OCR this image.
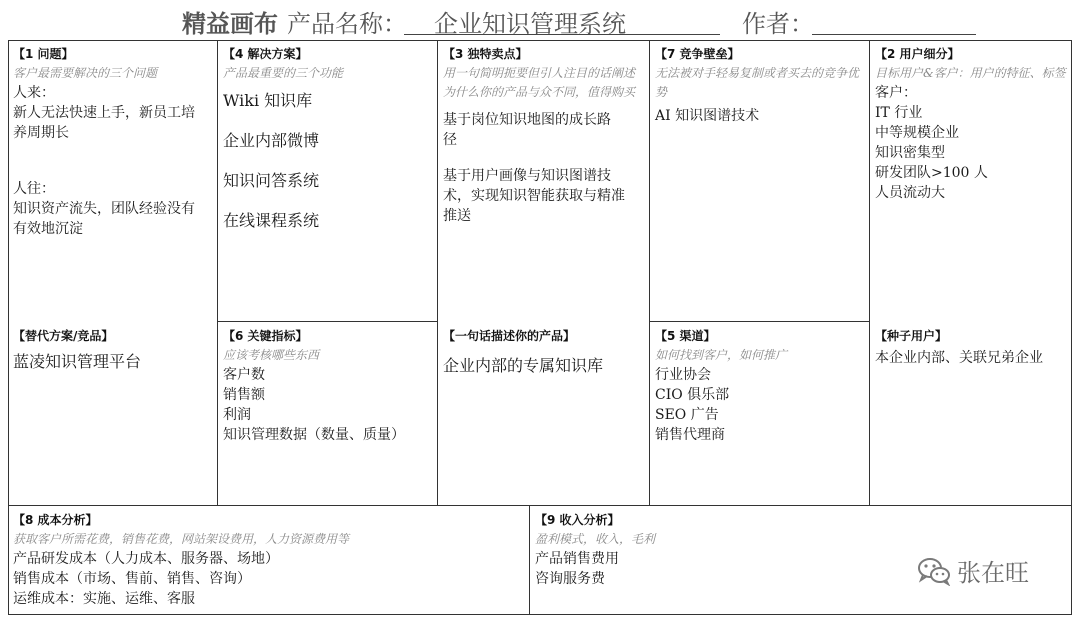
精益画布 产品名称： 企业知识管理系统	作者：
【1 问题】
客户最需要解决的三个问题
人来：
新人无法快速上手，新员工培
养周期长
人往：
知识资产流失，团队经验没有
有效地沉淀
【替代方案/竞品】
蓝凌知识管理平台
【4 解决方案】
产品最重要的三个功能
Wiki 知识库
企业内部微博
知识问答系统
在线课程系统
【6 关键指标】
应该考核哪些东西
客户数
销售额
利润
知识管理数据（数量、质量）
【3 独特卖点】
用一句简明扼要但引人注目的话阐述为什么你的产品与众不同，值得购买
基于岗位知识地图的成长路
径
基于用户画像与知识图谱技
术，实现知识智能获取与精准
推送
【一句话描述你的产品】
企业内部的专属知识库
【7 竞争壁垒】
无法被对手轻易复制或者买去的竞争优势
AI 知识图谱技术
【5 渠道】
如何找到客户，如何推广
行业协会
CIO 俱乐部
SEO 广告
销售代理商
【2 用户细分】
目标用户&客户：用户的特征、标签
客户：
IT 行业
中等规模企业
知识密集型
研发团队>100 人
人员流动大
【种子用户】
本企业内部、关联兄弟企业
【8 成本分析】
获取客户所需花费，销售花费，网站架设费用，人力资源费用等
产品研发成本（人力成本、服务器、场地）
销售成本（市场、售前、销售、咨询）
运维成本：实施、运维、客服
【9 收入分析】
盈利模式，收入，毛利
产品销售费用
咨询服务费	张在旺
